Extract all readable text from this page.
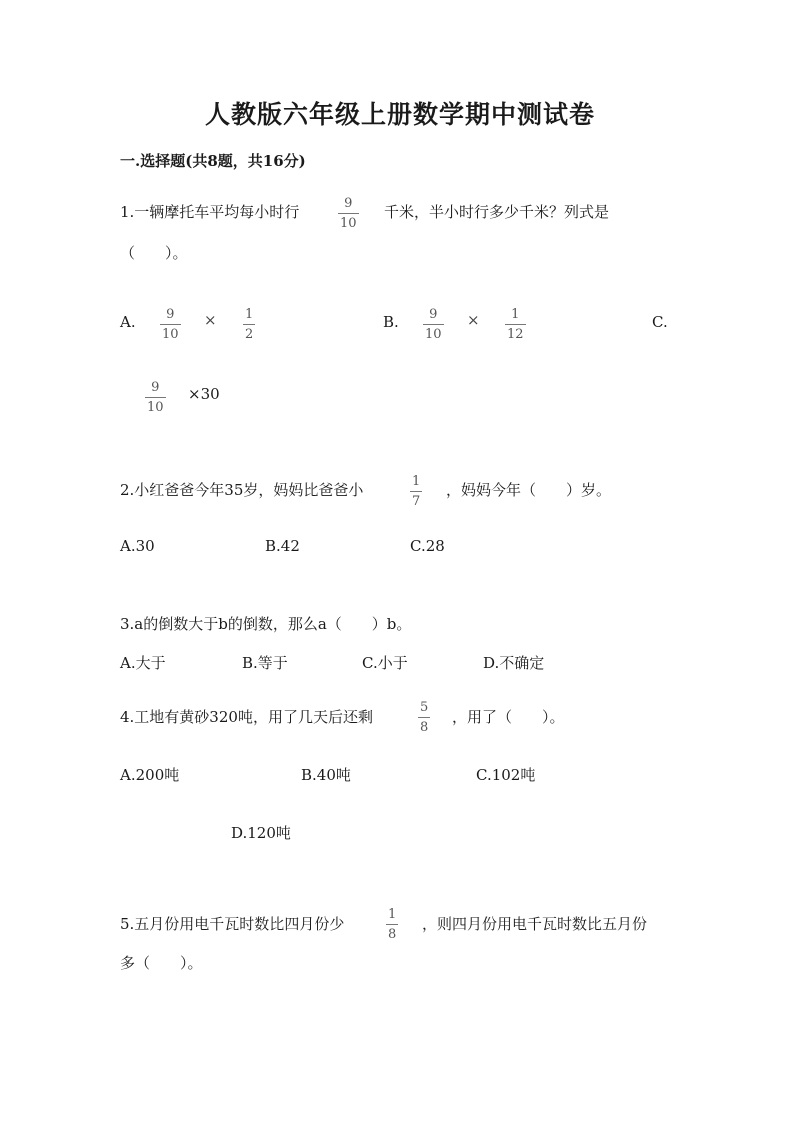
人教版六年级上册数学期中测试卷
一.选择题(共8题，共16分)
1.一辆摩托车平均每小时行	$\frac{9}{10}$ 千米，半小时行多少千米？列式是
（　　）。
A. $\frac{9}{10} \times \frac{1}{2}$	B. $\frac{9}{10} \times \frac{1}{12}$	C.
$\frac{9}{10} \times 30$
2.小红爸爸今年35岁，妈妈比爸爸小	$\frac{1}{7}$ ，妈妈今年（　　）岁。
A.30	B.42	C.28
3.a的倒数大于b的倒数，那么a（　　）b。
A.大于	B.等于	C.小于	D.不确定
4.工地有黄砂320吨，用了几天后还剩	$\frac{5}{8}$ ，用了（　　）。
A.200吨	B.40吨	C.102吨
D.120吨
5.五月份用电千瓦时数比四月份少	$\frac{1}{8}$ ，则四月份用电千瓦时数比五月份
多（　　）。
